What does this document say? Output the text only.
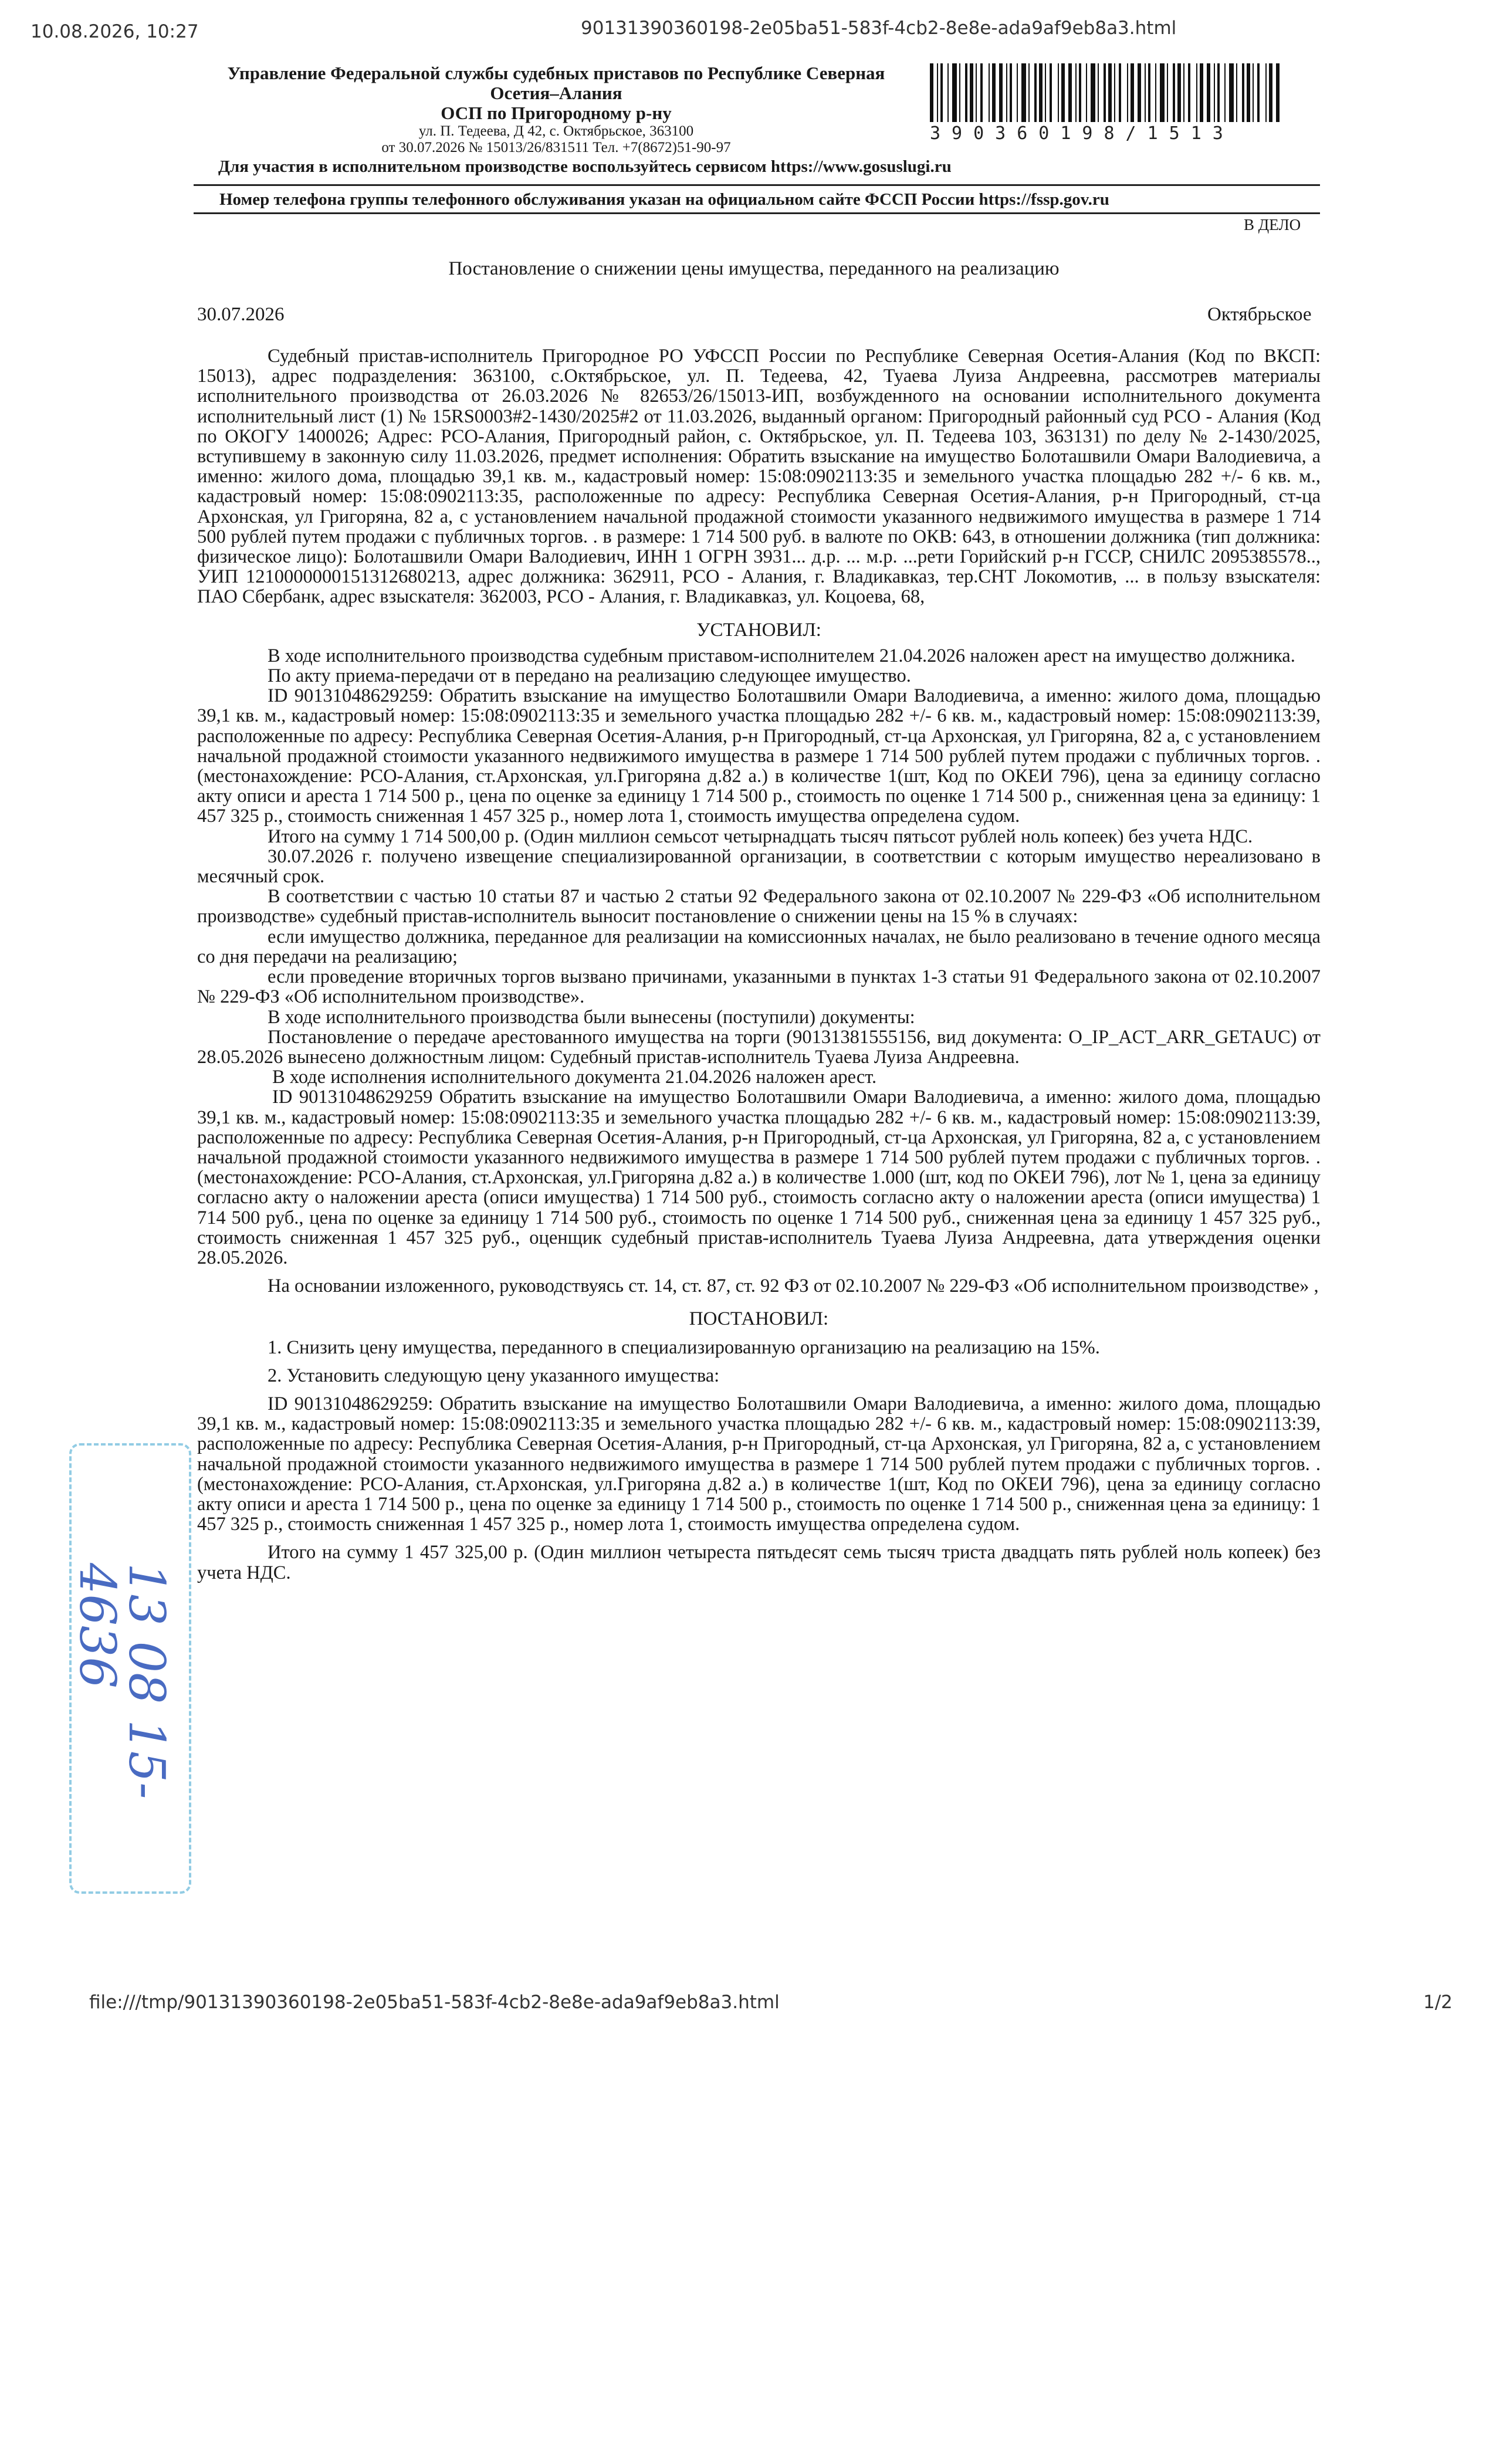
10.08.2026, 10:27	90131390360198-2e05ba51-583f-4cb2-8e8e-ada9af9eb8a3.html
Управление Федеральной службы судебных приставов по Республике Северная
Осетия–Алания
ОСП по Пригородному р-ну
ул. П. Тедеева, Д 42, с. Октябрьское, 363100
от 30.07.2026 № 15013/26/831511 Тел. +7(8672)51-90-97
390360198/1513
Для участия в исполнительном производстве воспользуйтесь сервисом https://www.gosuslugi.ru
Номер телефона группы телефонного обслуживания указан на официальном сайте ФССП России https://fssp.gov.ru
В ДЕЛО
Постановление о снижении цены имущества, переданного на реализацию
30.07.2026	Октябрьское

Судебный пристав-исполнитель Пригородное РО УФССП России по Республике Северная Осетия-Алания (Код по ВКСП: 15013), адрес подразделения: 363100, с.Октябрьское, ул. П. Тедеева, 42, Туаева Луиза Андреевна, рассмотрев материалы исполнительного производства от 26.03.2026 № 82653/26/15013-ИП, возбужденного на основании исполнительного документа исполнительный лист (1) № 15RS0003#2-1430/2025#2 от 11.03.2026, выданный органом: Пригородный районный суд РСО - Алания (Код по ОКОГУ 1400026; Адрес: РСО-Алания, Пригородный район, с. Октябрьское, ул. П. Тедеева 103, 363131) по делу № 2-1430/2025, вступившему в законную силу 11.03.2026, предмет исполнения: Обратить взыскание на имущество Болоташвили Омари Валодиевича, а именно: жилого дома, площадью 39,1 кв. м., кадастровый номер: 15:08:0902113:35 и земельного участка площадью 282 +/- 6 кв. м., кадастровый номер: 15:08:0902113:35, расположенные по адресу: Республика Северная Осетия-Алания, р-н Пригородный, ст-ца Архонская, ул Григоряна, 82 а, с установлением начальной продажной стоимости указанного недвижимого имущества в размере 1 714 500 рублей путем продажи с публичных торгов. . в размере: 1 714 500 руб. в валюте по ОКВ: 643, в отношении должника (тип должника: физическое лицо): Болоташвили Омари Валодиевич, ИНН 1 ОГРН 3931... д.р. ... м.р. ...рети Горийский р-н ГССР, СНИЛС 2095385578.., УИП 12100000001513126802​13, адрес должника: 362911, РСО - Алания, г. Владикавказ, тер.СНТ Локомотив, ... в пользу взыскателя: ПАО Сбербанк, адрес взыскателя: 362003, РСО - Алания, г. Владикавказ, ул. Коцоева, 68,

УСТАНОВИЛ:

В ходе исполнительного производства судебным приставом-исполнителем 21.04.2026 наложен арест на имущество должника.

По акту приема-передачи от в передано на реализацию следующее имущество.

ID 90131048629259: Обратить взыскание на имущество Болоташвили Омари Валодиевича, а именно: жилого дома, площадью 39,1 кв. м., кадастровый номер: 15:08:0902113:35 и земельного участка площадью 282 +/- 6 кв. м., кадастровый номер: 15:08:0902113:39, расположенные по адресу: Республика Северная Осетия-Алания, р-н Пригородный, ст-ца Архонская, ул Григоряна, 82 а, с установлением начальной продажной стоимости указанного недвижимого имущества в размере 1 714 500 рублей путем продажи с публичных торгов. . (местонахождение: РСО-Алания, ст.Архонская, ул.Григоряна д.82 а.) в количестве 1(шт, Код по ОКЕИ 796), цена за единицу согласно акту описи и ареста 1 714 500 р., цена по оценке за единицу 1 714 500 р., стоимость по оценке 1 714 500 р., сниженная цена за единицу: 1 457 325 р., стоимость сниженная 1 457 325 р., номер лота 1, стоимость имущества определена судом.

Итого на сумму 1 714 500,00 р. (Один миллион семьсот четырнадцать тысяч пятьсот рублей ноль копеек) без учета НДС.

30.07.2026 г. получено извещение специализированной организации, в соответствии с которым имущество нереализовано в месячный срок.

В соответствии с частью 10 статьи 87 и частью 2 статьи 92 Федерального закона от 02.10.2007 № 229-ФЗ «Об исполнительном производстве» судебный пристав-исполнитель выносит постановление о снижении цены на 15 % в случаях:

если имущество должника, переданное для реализации на комиссионных началах, не было реализовано в течение одного месяца со дня передачи на реализацию;

если проведение вторичных торгов вызвано причинами, указанными в пунктах 1-3 статьи 91 Федерального закона от 02.10.2007 № 229-ФЗ «Об исполнительном производстве».

В ходе исполнительного производства были вынесены (поступили) документы:

Постановление о передаче арестованного имущества на торги (90131381555156, вид документа: O_IP_ACT_ARR_GETAUC) от 28.05.2026 вынесено должностным лицом: Судебный пристав-исполнитель Туаева Луиза Андреевна.

В ходе исполнения исполнительного документа 21.04.2026 наложен арест.

ID 90131048629259 Обратить взыскание на имущество Болоташвили Омари Валодиевича, а именно: жилого дома, площадью 39,1 кв. м., кадастровый номер: 15:08:0902113:35 и земельного участка площадью 282 +/- 6 кв. м., кадастровый номер: 15:08:0902113:39, расположенные по адресу: Республика Северная Осетия-Алания, р-н Пригородный, ст-ца Архонская, ул Григоряна, 82 а, с установлением начальной продажной стоимости указанного недвижимого имущества в размере 1 714 500 рублей путем продажи с публичных торгов. . (местонахождение: РСО-Алания, ст.Архонская, ул.Григоряна д.82 а.) в количестве 1.000 (шт, код по ОКЕИ 796), лот № 1, цена за единицу согласно акту о наложении ареста (описи имущества) 1 714 500 руб., стоимость согласно акту о наложении ареста (описи имущества) 1 714 500 руб., цена по оценке за единицу 1 714 500 руб., стоимость по оценке 1 714 500 руб., сниженная цена за единицу 1 457 325 руб., стоимость сниженная 1 457 325 руб., оценщик судебный пристав-исполнитель Туаева Луиза Андреевна, дата утверждения оценки 28.05.2026.

На основании изложенного, руководствуясь ст. 14, ст. 87, ст. 92 ФЗ от 02.10.2007 № 229-ФЗ «Об исполнительном производстве» ,

ПОСТАНОВИЛ:

1. Снизить цену имущества, переданного в специализированную организацию на реализацию на 15%.

2. Установить следующую цену указанного имущества:

ID 90131048629259: Обратить взыскание на имущество Болоташвили Омари Валодиевича, а именно: жилого дома, площадью 39,1 кв. м., кадастровый номер: 15:08:0902113:35 и земельного участка площадью 282 +/- 6 кв. м., кадастровый номер: 15:08:0902113:39, расположенные по адресу: Республика Северная Осетия-Алания, р-н Пригородный, ст-ца Архонская, ул Григоряна, 82 а, с установлением начальной продажной стоимости указанного недвижимого имущества в размере 1 714 500 рублей путем продажи с публичных торгов. . (местонахождение: РСО-Алания, ст.Архонская, ул.Григоряна д.82 а.) в количестве 1(шт, Код по ОКЕИ 796), цена за единицу согласно акту описи и ареста 1 714 500 р., цена по оценке за единицу 1 714 500 р., стоимость по оценке 1 714 500 р., сниженная цена за единицу: 1 457 325 р., стоимость сниженная 1 457 325 р., номер лота 1, стоимость имущества определена судом.

Итого на сумму 1 457 325,00 р. (Один миллион четыреста пятьдесят семь тысяч триста двадцать пять рублей ноль копеек) без учета НДС.

13 08 15-4636
file:///tmp/90131390360198-2e05ba51-583f-4cb2-8e8e-ada9af9eb8a3.html	1/2
